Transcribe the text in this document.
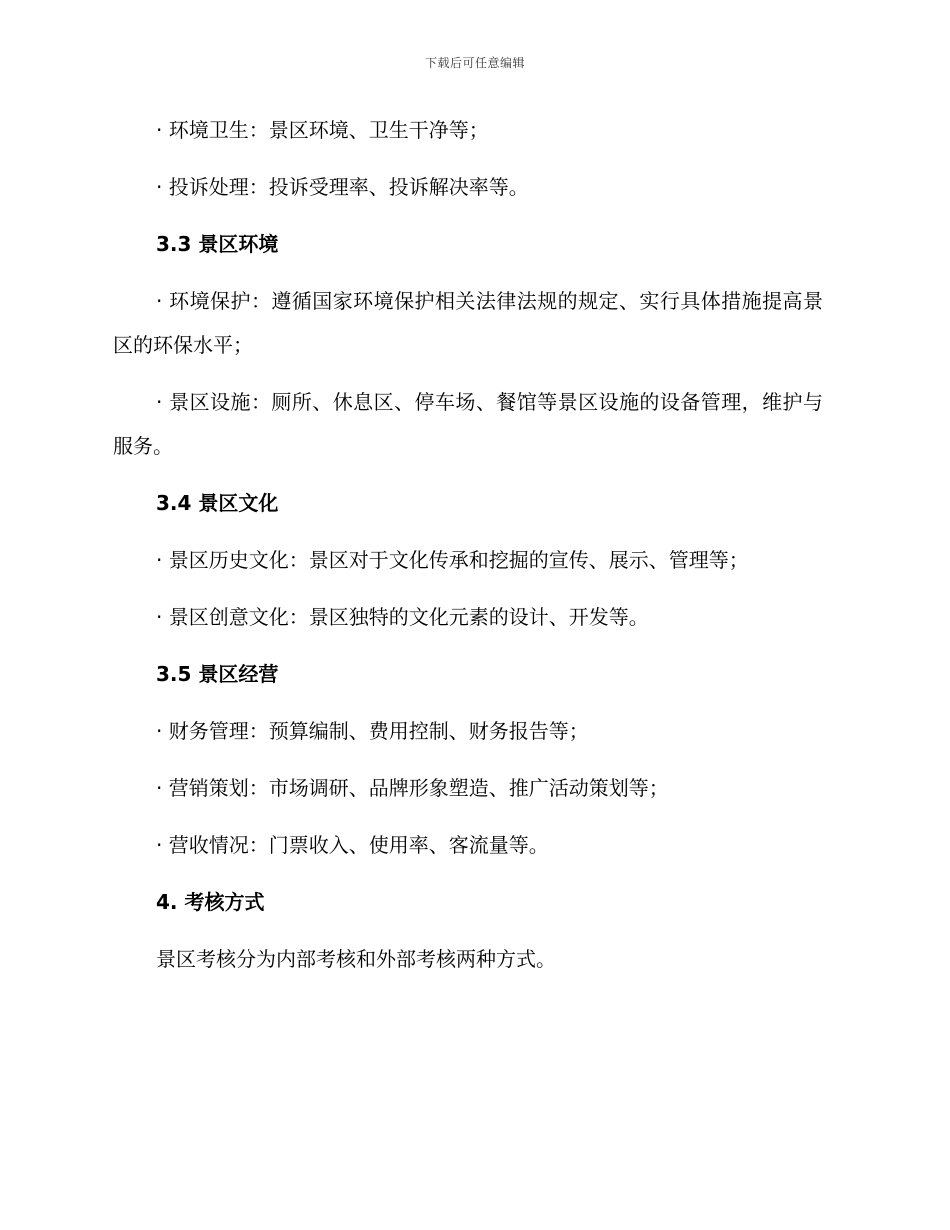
下载后可任意编辑

· 环境卫生：景区环境、卫生干净等；

· 投诉处理：投诉受理率、投诉解决率等。

3.3 景区环境

· 环境保护：遵循国家环境保护相关法律法规的规定、实行具体措施提高景区的环保水平；

· 景区设施：厕所、休息区、停车场、餐馆等景区设施的设备管理，维护与服务。

3.4 景区文化

· 景区历史文化：景区对于文化传承和挖掘的宣传、展示、管理等；

· 景区创意文化：景区独特的文化元素的设计、开发等。

3.5 景区经营

· 财务管理：预算编制、费用控制、财务报告等；

· 营销策划：市场调研、品牌形象塑造、推广活动策划等；

· 营收情况：门票收入、使用率、客流量等。

4. 考核方式

景区考核分为内部考核和外部考核两种方式。
